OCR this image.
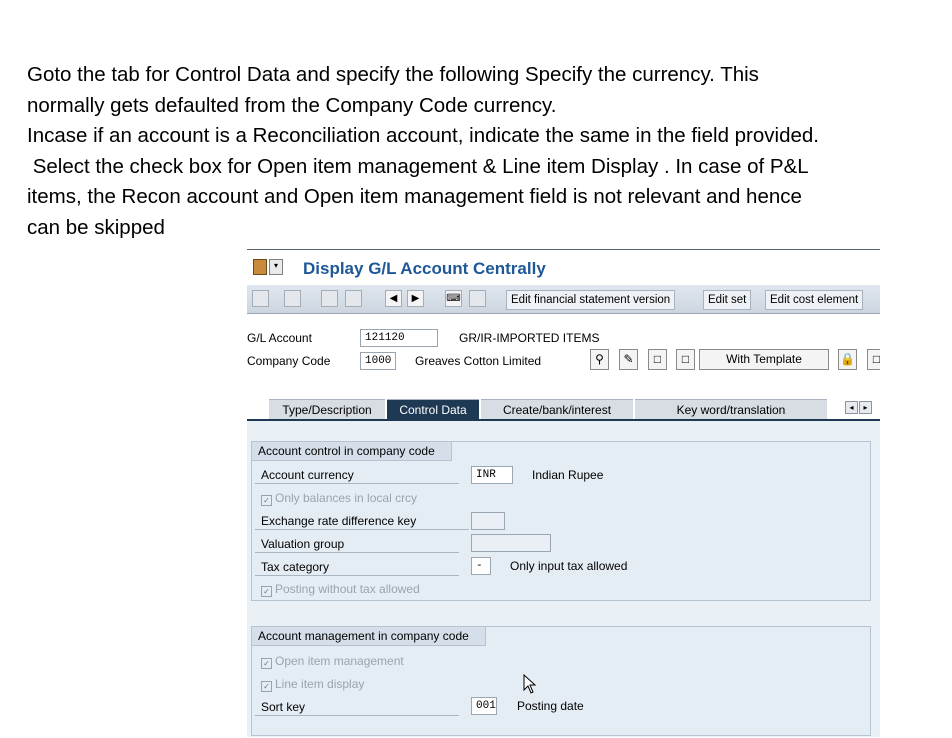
Goto the tab for Control Data and specify the following Specify the currency. This

normally gets defaulted from the Company Code currency.

Incase if an account is a Reconciliation account, indicate the same in the field provided.

Select the check box for Open item management & Line item Display . In case of P&L

items, the Recon account and Open item management field is not relevant and hence

can be skipped

▾ Display G/L Account Centrally
◀	▶	⌨	Edit financial statement version	Edit set	Edit cost element
G/L Account	121120	GR/IR-IMPORTED ITEMS
Company Code	1000	Greaves Cotton Limited	⚲	✎	□	□	With Template	🔒	□
Type/Description	Control Data	Create/bank/interest	Key word/translation	◂	▸
Account control in company code
Account currency	INR	Indian Rupee
✓ Only balances in local crcy
Exchange rate difference key
Valuation group
Tax category	-	Only input tax allowed
✓ Posting without tax allowed
Account management in company code
✓ Open item management
✓ Line item display
Sort key	001 Posting date
